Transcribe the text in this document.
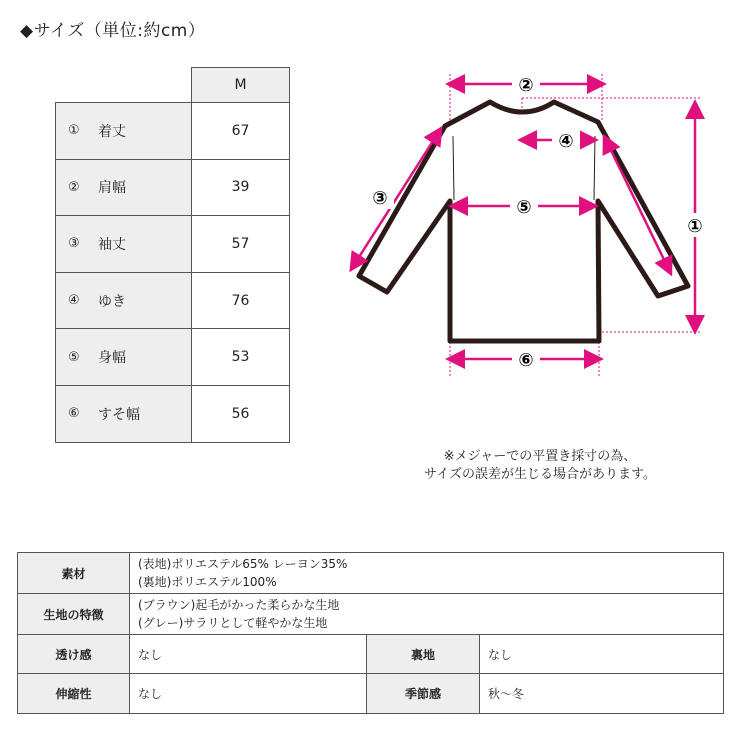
◆サイズ（単位:約cm）
	M

① 着丈	67

② 肩幅	39

③ 袖丈	57

④ ゆき	76

⑤ 身幅	53

⑥ すそ幅	56
②
④
⑤
⑥
①
③
※メジャーでの平置き採寸の為、
サイズの誤差が生じる場合があります。
素材	(表地)ポリエステル65% レーヨン35%
(裏地)ポリエステル100%		

生地の特徴	(ブラウン)起毛がかった柔らかな生地
(グレー)サラリとして軽やかな生地		

透け感	なし	裏地	なし
伸縮性	なし	季節感	秋〜冬
